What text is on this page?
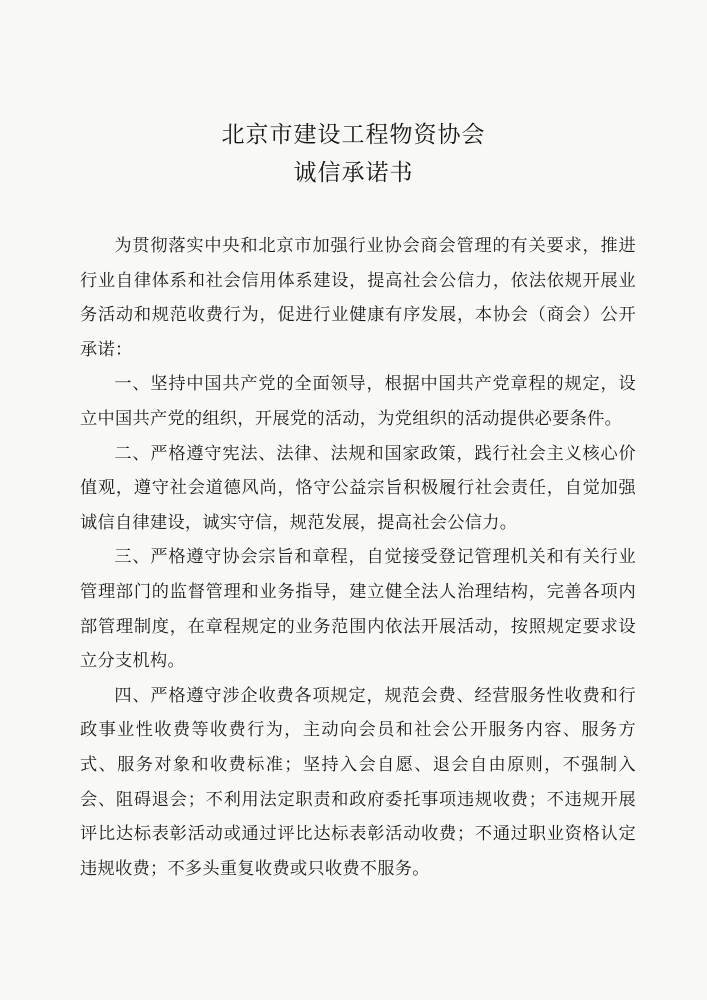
北京市建设工程物资协会
诚信承诺书

为贯彻落实中央和北京市加强行业协会商会管理的有关要求，推进行业自律体系和社会信用体系建设，提高社会公信力，依法依规开展业务活动和规范收费行为，促进行业健康有序发展，本协会（商会）公开承诺：

一、坚持中国共产党的全面领导，根据中国共产党章程的规定，设立中国共产党的组织，开展党的活动，为党组织的活动提供必要条件。

二、严格遵守宪法、法律、法规和国家政策，践行社会主义核心价值观，遵守社会道德风尚，恪守公益宗旨积极履行社会责任，自觉加强诚信自律建设，诚实守信，规范发展，提高社会公信力。

三、严格遵守协会宗旨和章程，自觉接受登记管理机关和有关行业管理部门的监督管理和业务指导，建立健全法人治理结构，完善各项内部管理制度，在章程规定的业务范围内依法开展活动，按照规定要求设立分支机构。

四、严格遵守涉企收费各项规定，规范会费、经营服务性收费和行政事业性收费等收费行为，主动向会员和社会公开服务内容、服务方式、服务对象和收费标准；坚持入会自愿、退会自由原则，不强制入会、阻碍退会；不利用法定职责和政府委托事项违规收费；不违规开展评比达标表彰活动或通过评比达标表彰活动收费；不通过职业资格认定违规收费；不多头重复收费或只收费不服务。
